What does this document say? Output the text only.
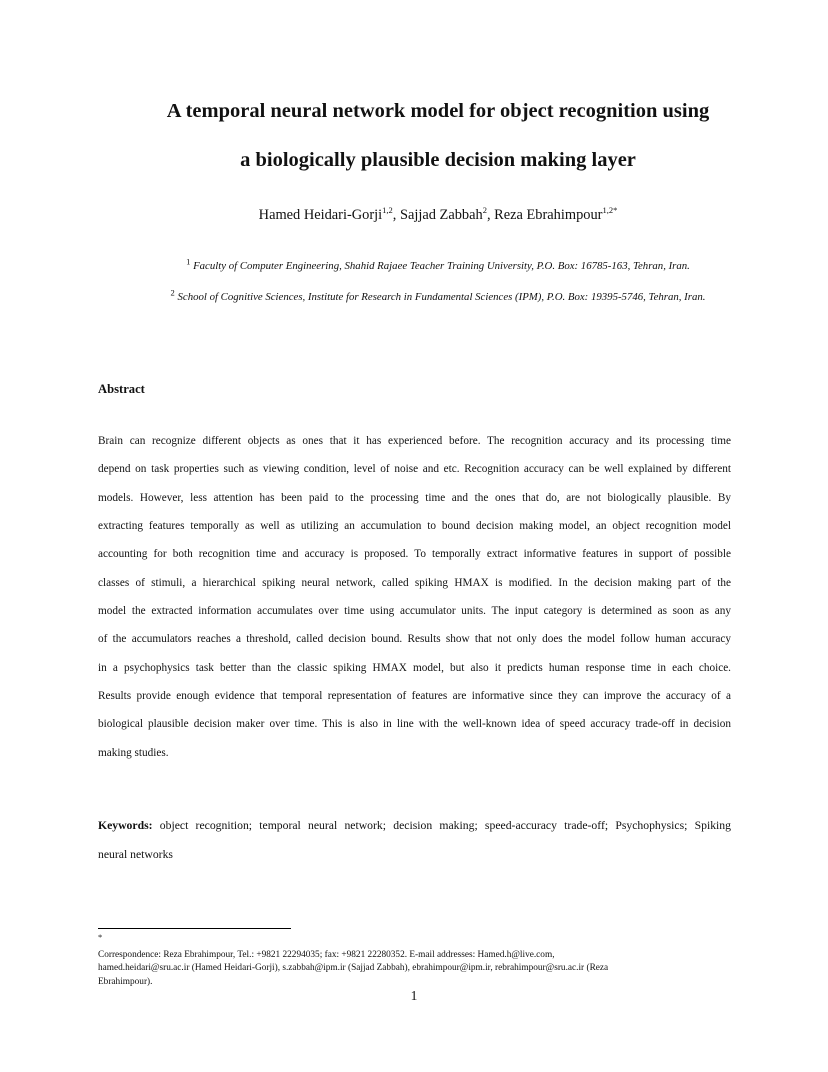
A temporal neural network model for object recognition using
a biologically plausible decision making layer
Hamed Heidari-Gorji$^{1,2}$, Sajjad Zabbah$^2$, Reza Ebrahimpour$^{1,2*}$
$^1$ Faculty of Computer Engineering, Shahid Rajaee Teacher Training University, P.O. Box: 16785-163, Tehran, Iran.
$^2$ School of Cognitive Sciences, Institute for Research in Fundamental Sciences (IPM), P.O. Box: 19395-5746, Tehran, Iran.
Abstract
Brain can recognize different objects as ones that it has experienced before. The recognition accuracy and its processing time
depend on task properties such as viewing condition, level of noise and etc. Recognition accuracy can be well explained by different
models. However, less attention has been paid to the processing time and the ones that do, are not biologically plausible. By
extracting features temporally as well as utilizing an accumulation to bound decision making model, an object recognition model
accounting for both recognition time and accuracy is proposed. To temporally extract informative features in support of possible
classes of stimuli, a hierarchical spiking neural network, called spiking HMAX is modified. In the decision making part of the
model the extracted information accumulates over time using accumulator units. The input category is determined as soon as any
of the accumulators reaches a threshold, called decision bound. Results show that not only does the model follow human accuracy
in a psychophysics task better than the classic spiking HMAX model, but also it predicts human response time in each choice.
Results provide enough evidence that temporal representation of features are informative since they can improve the accuracy of a
biological plausible decision maker over time. This is also in line with the well-known idea of speed accuracy trade-off in decision
making studies.
Keywords: object recognition; temporal neural network; decision making; speed-accuracy trade-off; Psychophysics; Spiking
neural networks
*
Correspondence: Reza Ebrahimpour, Tel.: +9821 22294035; fax: +9821 22280352. E-mail addresses: Hamed.h@live.com,
hamed.heidari@sru.ac.ir (Hamed Heidari-Gorji), s.zabbah@ipm.ir (Sajjad Zabbah), ebrahimpour@ipm.ir, rebrahimpour@sru.ac.ir (Reza
Ebrahimpour).
1
